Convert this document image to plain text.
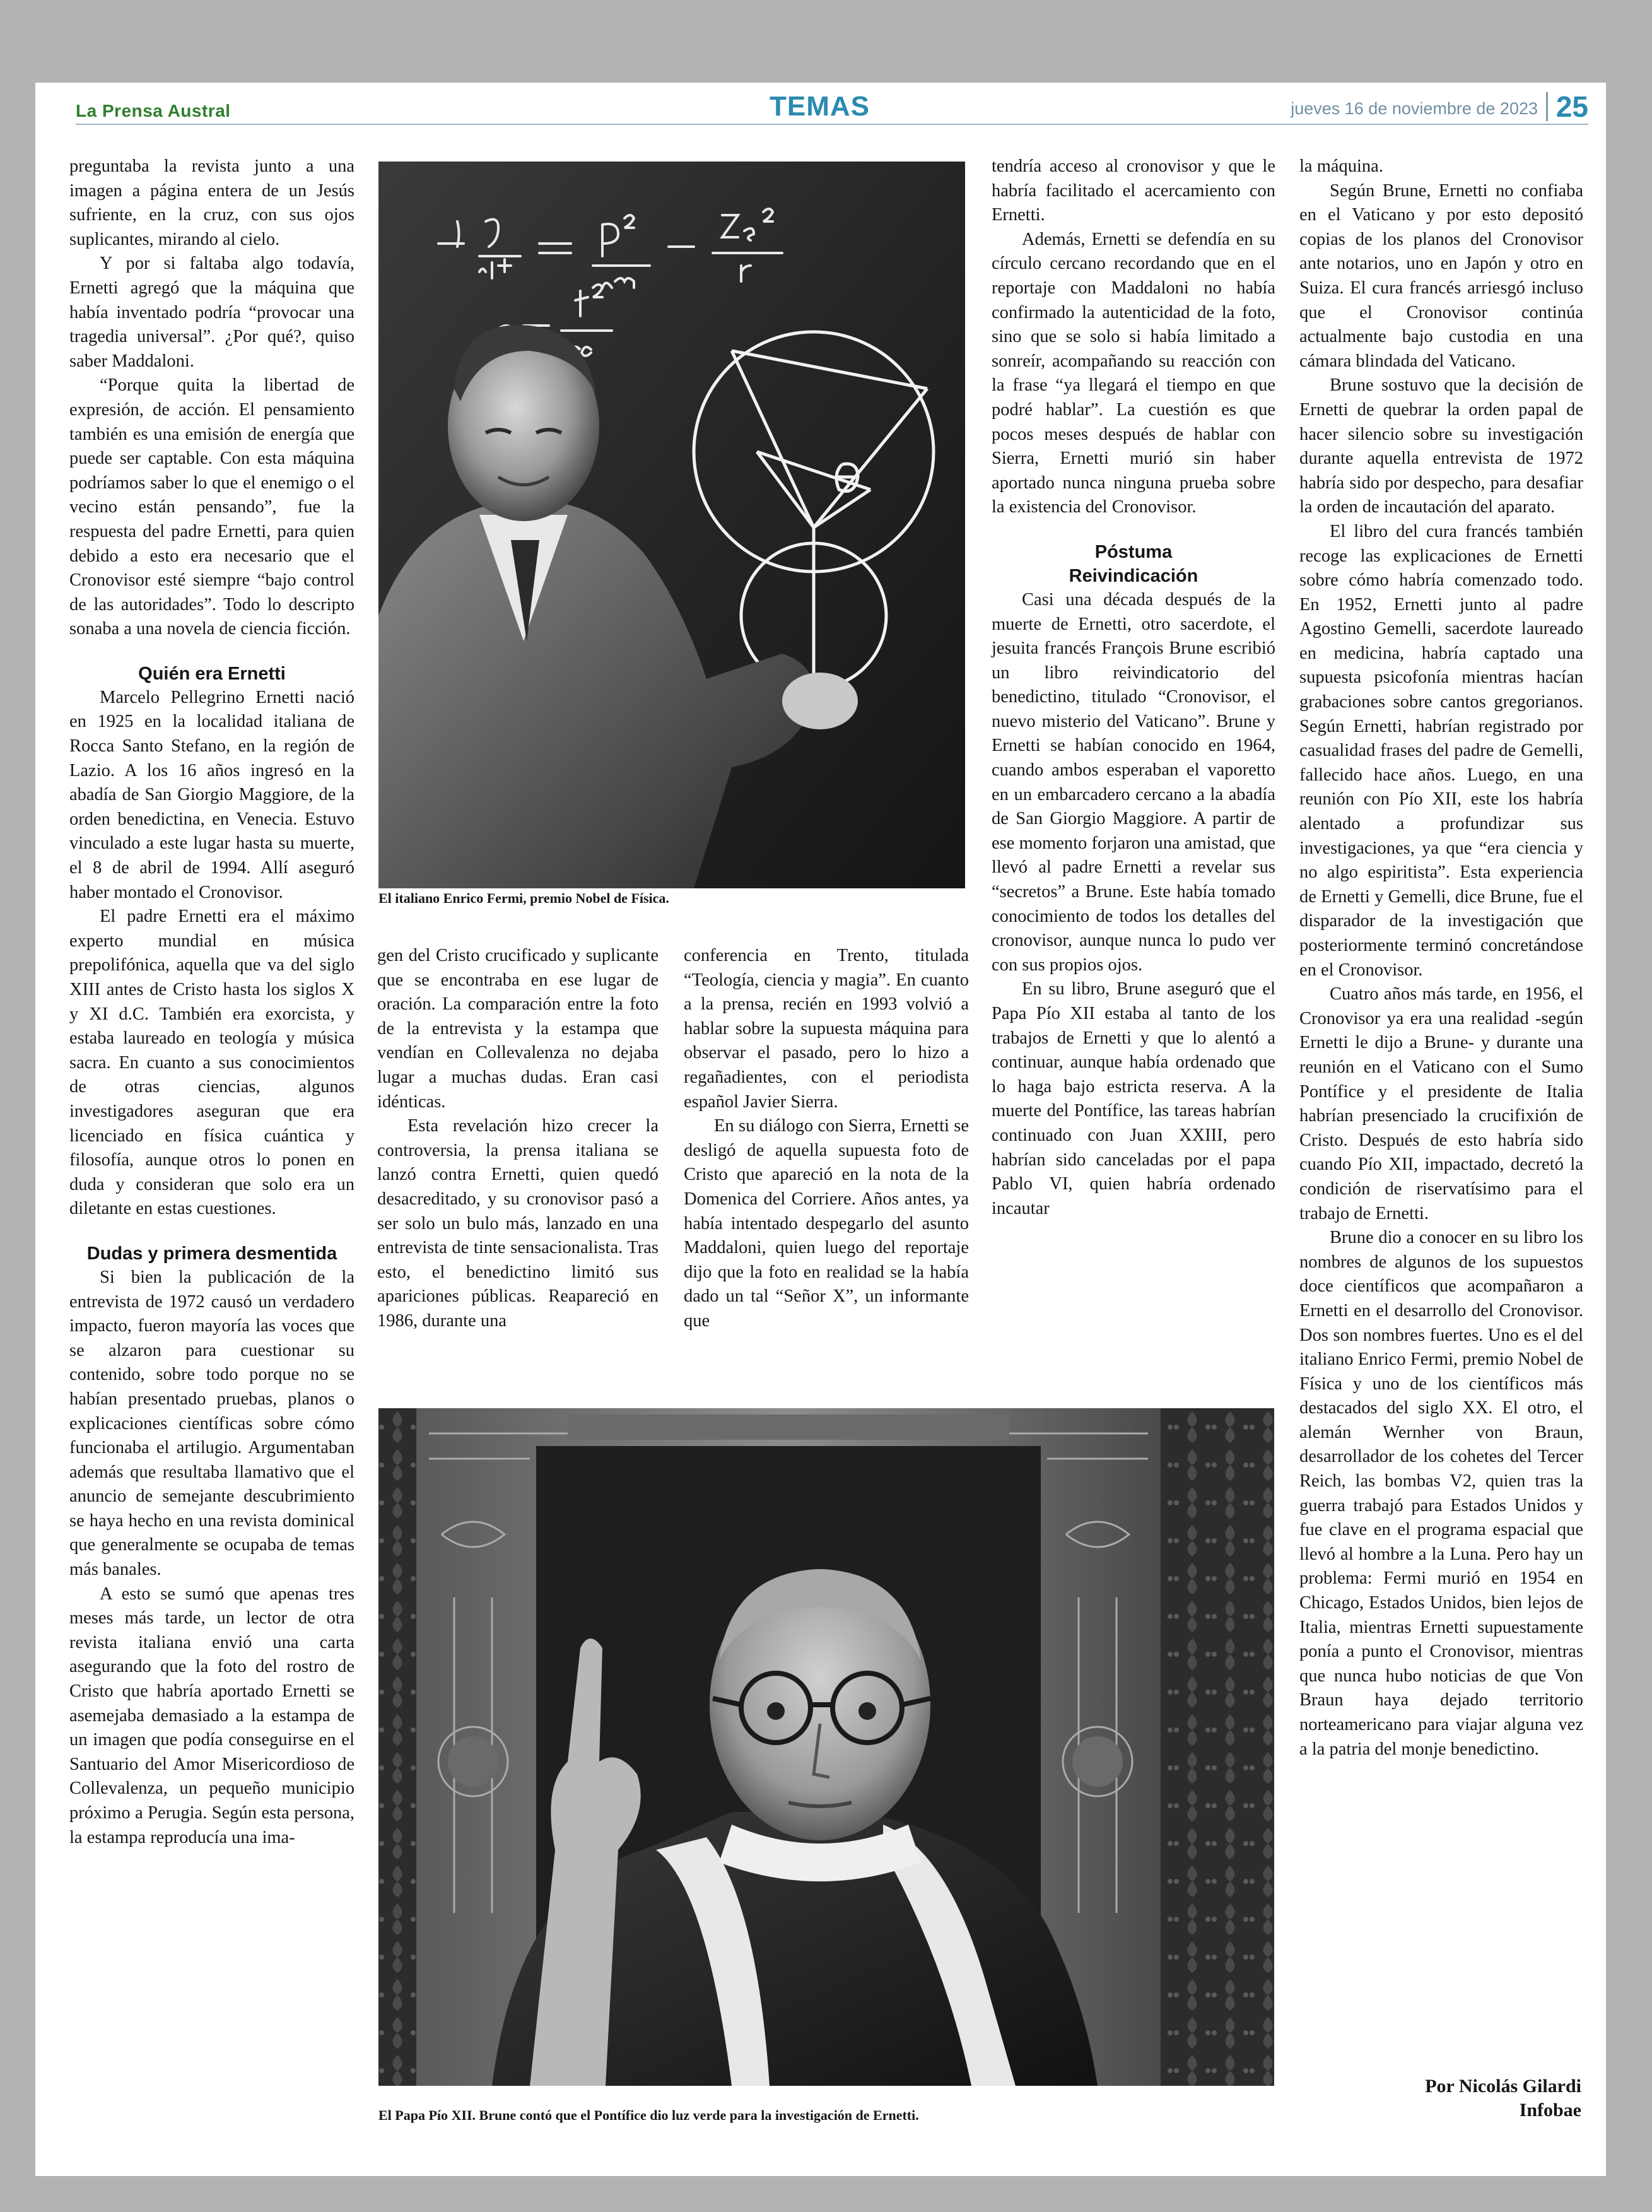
La Prensa Austral	TEMAS	jueves 16 de noviembre de 2023 25

preguntaba la revista junto a una imagen a página entera de un Jesús sufriente, en la cruz, con sus ojos suplicantes, mirando al cielo.

Y por si faltaba algo todavía, Ernetti agregó que la máquina que había inventado podría “provocar una tragedia universal”. ¿Por qué?, quiso saber Maddaloni.

“Porque quita la libertad de expresión, de acción. El pensamiento también es una emisión de energía que puede ser captable. Con esta máquina podríamos saber lo que el enemigo o el vecino están pensando”, fue la respuesta del padre Ernetti, para quien debido a esto era necesario que el Cronovisor esté siempre “bajo control de las autoridades”. Todo lo descripto sonaba a una novela de ciencia ficción.

Quién era Ernetti

Marcelo Pellegrino Ernetti nació en 1925 en la localidad italiana de Rocca Santo Stefano, en la región de Lazio. A los 16 años ingresó en la abadía de San Giorgio Maggiore, de la orden benedictina, en Venecia. Estuvo vinculado a este lugar hasta su muerte, el 8 de abril de 1994. Allí aseguró haber montado el Cronovisor.

El padre Ernetti era el máximo experto mundial en música prepolifónica, aquella que va del siglo XIII antes de Cristo hasta los siglos X y XI d.C. También era exorcista, y estaba laureado en teología y música sacra. En cuanto a sus conocimientos de otras ciencias, algunos investigadores aseguran que era licenciado en física cuántica y filosofía, aunque otros lo ponen en duda y consideran que solo era un diletante en estas cuestiones.

Dudas y primera desmentida

Si bien la publicación de la entrevista de 1972 causó un verdadero impacto, fueron mayoría las voces que se alzaron para cuestionar su contenido, sobre todo porque no se habían presentado pruebas, planos o explicaciones científicas sobre cómo funcionaba el artilugio. Argumentaban además que resultaba llamativo que el anuncio de semejante descubrimiento se haya hecho en una revista dominical que generalmente se ocupaba de temas más banales.

A esto se sumó que apenas tres meses más tarde, un lector de otra revista italiana envió una carta asegurando que la foto del rostro de Cristo que habría aportado Ernetti se asemejaba demasiado a la estampa de un imagen que podía conseguirse en el Santuario del Amor Misericordioso de Collevalenza, un pequeño municipio próximo a Perugia. Según esta persona, la estampa reproducía una ima-

El italiano Enrico Fermi, premio Nobel de Física.

gen del Cristo crucificado y suplicante que se encontraba en ese lugar de oración. La comparación entre la foto de la entrevista y la estampa que vendían en Collevalenza no dejaba lugar a muchas dudas. Eran casi idénticas.

Esta revelación hizo crecer la controversia, la prensa italiana se lanzó contra Ernetti, quien quedó desacreditado, y su cronovisor pasó a ser solo un bulo más, lanzado en una entrevista de tinte sensacionalista. Tras esto, el benedictino limitó sus apariciones públicas. Reapareció en 1986, durante una

conferencia en Trento, titulada “Teología, ciencia y magia”. En cuanto a la prensa, recién en 1993 volvió a hablar sobre la supuesta máquina para observar el pasado, pero lo hizo a regañadientes, con el periodista español Javier Sierra.

En su diálogo con Sierra, Ernetti se desligó de aquella supuesta foto de Cristo que apareció en la nota de la Domenica del Corriere. Años antes, ya había intentado despegarlo del asunto Maddaloni, quien luego del reportaje dijo que la foto en realidad se la había dado un tal “Señor X”, un informante que

tendría acceso al cronovisor y que le habría facilitado el acercamiento con Ernetti.

Además, Ernetti se defendía en su círculo cercano recordando que en el reportaje con Maddaloni no había confirmado la autenticidad de la foto, sino que se solo si había limitado a sonreír, acompañando su reacción con la frase “ya llegará el tiempo en que podré hablar”. La cuestión es que pocos meses después de hablar con Sierra, Ernetti murió sin haber aportado nunca ninguna prueba sobre la existencia del Cronovisor.

Póstuma Reivindicación

Casi una década después de la muerte de Ernetti, otro sacerdote, el jesuita francés François Brune escribió un libro reivindicatorio del benedictino, titulado “Cronovisor, el nuevo misterio del Vaticano”. Brune y Ernetti se habían conocido en 1964, cuando ambos esperaban el vaporetto en un embarcadero cercano a la abadía de San Giorgio Maggiore. A partir de ese momento forjaron una amistad, que llevó al padre Ernetti a revelar sus “secretos” a Brune. Este había tomado conocimiento de todos los detalles del cronovisor, aunque nunca lo pudo ver con sus propios ojos.

En su libro, Brune aseguró que el Papa Pío XII estaba al tanto de los trabajos de Ernetti y que lo alentó a continuar, aunque había ordenado que lo haga bajo estricta reserva. A la muerte del Pontífice, las tareas habrían continuado con Juan XXIII, pero habrían sido canceladas por el papa Pablo VI, quien habría ordenado incautar

El Papa Pío XII. Brune contó que el Pontífice dio luz verde para la investigación de Ernetti.

la máquina.

Según Brune, Ernetti no confiaba en el Vaticano y por esto depositó copias de los planos del Cronovisor ante notarios, uno en Japón y otro en Suiza. El cura francés arriesgó incluso que el Cronovisor continúa actualmente bajo custodia en una cámara blindada del Vaticano.

Brune sostuvo que la decisión de Ernetti de quebrar la orden papal de hacer silencio sobre su investigación durante aquella entrevista de 1972 habría sido por despecho, para desafiar la orden de incautación del aparato.

El libro del cura francés también recoge las explicaciones de Ernetti sobre cómo habría comenzado todo. En 1952, Ernetti junto al padre Agostino Gemelli, sacerdote laureado en medicina, habría captado una supuesta psicofonía mientras hacían grabaciones sobre cantos gregorianos. Según Ernetti, habrían registrado por casualidad frases del padre de Gemelli, fallecido hace años. Luego, en una reunión con Pío XII, este los habría alentado a profundizar sus investigaciones, ya que “era ciencia y no algo espiritista”. Esta experiencia de Ernetti y Gemelli, dice Brune, fue el disparador de la investigación que posteriormente terminó concretándose en el Cronovisor.

Cuatro años más tarde, en 1956, el Cronovisor ya era una realidad -según Ernetti le dijo a Brune- y durante una reunión en el Vaticano con el Sumo Pontífice y el presidente de Italia habrían presenciado la crucifixión de Cristo. Después de esto habría sido cuando Pío XII, impactado, decretó la condición de riservatísimo para el trabajo de Ernetti.

Brune dio a conocer en su libro los nombres de algunos de los supuestos doce científicos que acompañaron a Ernetti en el desarrollo del Cronovisor. Dos son nombres fuertes. Uno es el del italiano Enrico Fermi, premio Nobel de Física y uno de los científicos más destacados del siglo XX. El otro, el alemán Wernher von Braun, desarrollador de los cohetes del Tercer Reich, las bombas V2, quien tras la guerra trabajó para Estados Unidos y fue clave en el programa espacial que llevó al hombre a la Luna. Pero hay un problema: Fermi murió en 1954 en Chicago, Estados Unidos, bien lejos de Italia, mientras Ernetti supuestamente ponía a punto el Cronovisor, mientras que nunca hubo noticias de que Von Braun haya dejado territorio norteamericano para viajar alguna vez a la patria del monje benedictino.

Por Nicolás Gilardi
Infobae
